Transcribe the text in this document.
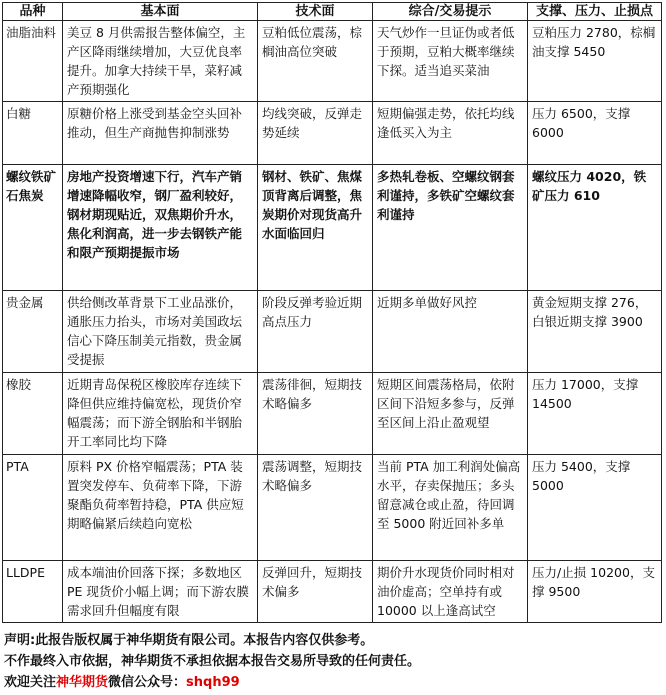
品种	基本面	技术面	综合/交易提示	支撑、压力、止损点
油脂油料	美豆 8 月供需报告整体偏空，主产区降雨继续增加，大豆优良率提升。加拿大持续干旱，菜籽减产预期强化	豆粕低位震荡，棕榈油高位突破	天气炒作一旦证伪或者低于预期，豆粕大概率继续下探。适当追买菜油	豆粕压力 2780，棕榈油支撑 5450
白糖	原糖价格上涨受到基金空头回补推动，但生产商抛售抑制涨势	均线突破，反弹走势延续	短期偏强走势，依托均线逢低买入为主	压力 6500，支撑 6000
螺纹铁矿石焦炭	房地产投资增速下行，汽车产销增速降幅收窄，钢厂盈利较好，钢材期现贴近，双焦期价升水，焦化利润高，进一步去钢铁产能和限产预期提振市场	钢材、铁矿、焦煤顶背离后调整，焦炭期价对现货高升水面临回归	多热轧卷板、空螺纹钢套利谨持，多铁矿空螺纹套利谨持	螺纹压力 4020，铁矿压力 610
贵金属	供给侧改革背景下工业品涨价，通胀压力抬头，市场对美国政坛信心下降压制美元指数，贵金属受提振	阶段反弹考验近期高点压力	近期多单做好风控	黄金短期支撑 276，白银近期支撑 3900
橡胶	近期青岛保税区橡胶库存连续下降但供应维持偏宽松，现货价窄幅震荡；而下游全钢胎和半钢胎开工率同比均下降	震荡徘徊，短期技术略偏多	短期区间震荡格局，依附区间下沿短多参与，反弹至区间上沿止盈观望	压力 17000，支撑 14500
PTA	原料 PX 价格窄幅震荡；PTA 装置突发停车、负荷率下降，下游聚酯负荷率暂持稳，PTA 供应短期略偏紧后续趋向宽松	震荡调整，短期技术略偏多	当前 PTA 加工利润处偏高水平，存卖保抛压；多头留意减仓或止盈，待回调至 5000 附近回补多单	压力 5400，支撑 5000
LLDPE	成本端油价回落下探；多数地区 PE 现货价小幅上调；而下游农膜需求回升但幅度有限	反弹回升，短期技术偏多	期价升水现货价同时相对油价虚高；空单持有或 10000 以上逢高试空	压力/止损 10200，支撑 9500
声明:此报告版权属于神华期货有限公司。本报告内容仅供参考。
不作最终入市依据，神华期货不承担依据本报告交易所导致的任何责任。
欢迎关注神华期货微信公众号：shqh99
